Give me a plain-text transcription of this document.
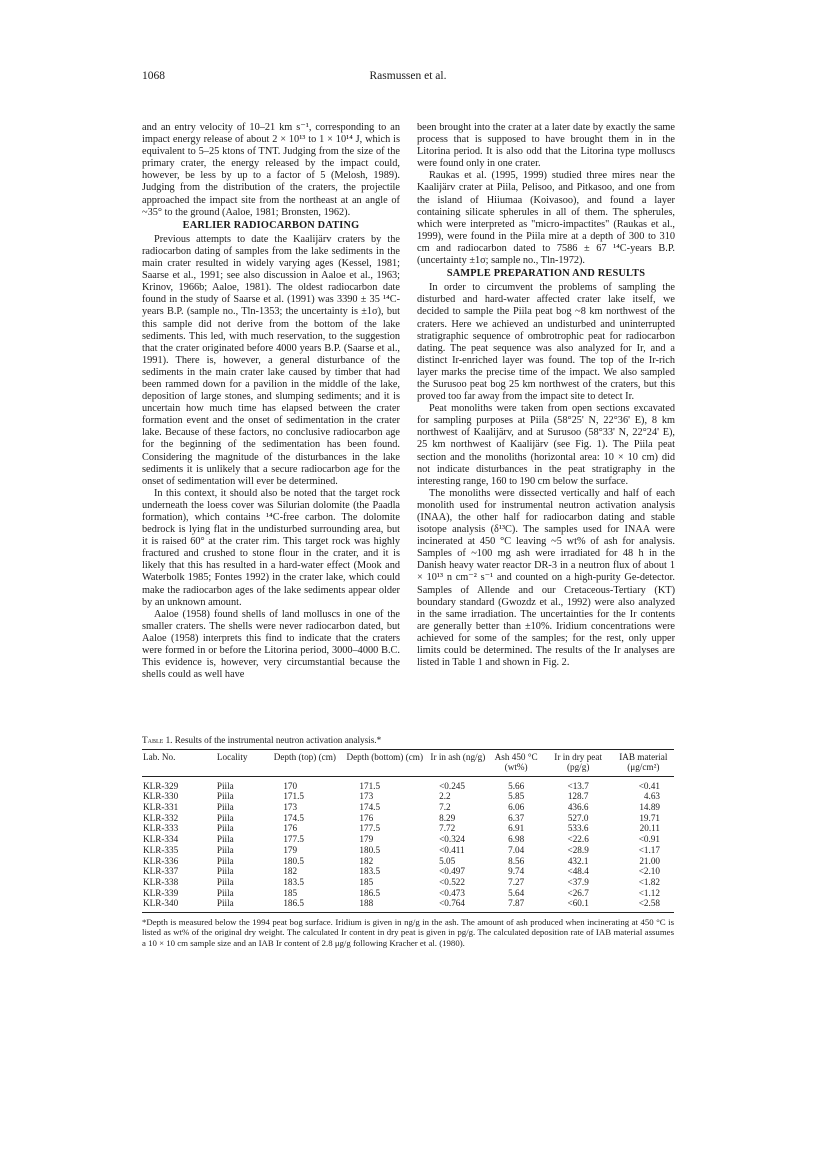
1068	Rasmussen et al.

and an entry velocity of 10–21 km s⁻¹, corresponding to an impact energy release of about 2 × 10¹³ to 1 × 10¹⁴ J, which is equivalent to 5–25 ktons of TNT. Judging from the size of the primary crater, the energy released by the impact could, however, be less by up to a factor of 5 (Melosh, 1989). Judging from the distribution of the craters, the projectile approached the impact site from the northeast at an angle of ~35° to the ground (Aaloe, 1981; Bronsten, 1962).

EARLIER RADIOCARBON DATING

Previous attempts to date the Kaalijärv craters by the radiocarbon dating of samples from the lake sediments in the main crater resulted in widely varying ages (Kessel, 1981; Saarse et al., 1991; see also discussion in Aaloe et al., 1963; Krinov, 1966b; Aaloe, 1981). The oldest radiocarbon date found in the study of Saarse et al. (1991) was 3390 ± 35 ¹⁴C-years B.P. (sample no., Tln-1353; the uncertainty is ±1σ), but this sample did not derive from the bottom of the lake sediments. This led, with much reservation, to the suggestion that the crater originated before 4000 years B.P. (Saarse et al., 1991). There is, however, a general disturbance of the sediments in the main crater lake caused by timber that had been rammed down for a pavilion in the middle of the lake, deposition of large stones, and slumping sediments; and it is uncertain how much time has elapsed between the crater formation event and the onset of sedimentation in the crater lake. Because of these factors, no conclusive radiocarbon age for the beginning of the sedimentation has been found. Considering the magnitude of the disturbances in the lake sediments it is unlikely that a secure radiocarbon age for the onset of sedimentation will ever be determined.

In this context, it should also be noted that the target rock underneath the loess cover was Silurian dolomite (the Paadla formation), which contains ¹⁴C-free carbon. The dolomite bedrock is lying flat in the undisturbed surrounding area, but it is raised 60° at the crater rim. This target rock was highly fractured and crushed to stone flour in the crater, and it is likely that this has resulted in a hard-water effect (Mook and Waterbolk 1985; Fontes 1992) in the crater lake, which could make the radiocarbon ages of the lake sediments appear older by an unknown amount.

Aaloe (1958) found shells of land molluscs in one of the smaller craters. The shells were never radiocarbon dated, but Aaloe (1958) interprets this find to indicate that the craters were formed in or before the Litorina period, 3000–4000 B.C. This evidence is, however, very circumstantial because the shells could as well have

been brought into the crater at a later date by exactly the same process that is supposed to have brought them in in the Litorina period. It is also odd that the Litorina type molluscs were found only in one crater.

Raukas et al. (1995, 1999) studied three mires near the Kaalijärv crater at Piila, Pelisoo, and Pitkasoo, and one from the island of Hiiumaa (Koivasoo), and found a layer containing silicate spherules in all of them. The spherules, which were interpreted as "micro-impactites" (Raukas et al., 1999), were found in the Piila mire at a depth of 300 to 310 cm and radiocarbon dated to 7586 ± 67 ¹⁴C-years B.P. (uncertainty ±1σ; sample no., Tln-1972).

SAMPLE PREPARATION AND RESULTS

In order to circumvent the problems of sampling the disturbed and hard-water affected crater lake itself, we decided to sample the Piila peat bog ~8 km northwest of the craters. Here we achieved an undisturbed and uninterrupted stratigraphic sequence of ombrotrophic peat for radiocarbon dating. The peat sequence was also analyzed for Ir, and a distinct Ir-enriched layer was found. The top of the Ir-rich layer marks the precise time of the impact. We also sampled the Surusoo peat bog 25 km northwest of the craters, but this proved too far away from the impact site to detect Ir.

Peat monoliths were taken from open sections excavated for sampling purposes at Piila (58°25' N, 22°36' E), 8 km northwest of Kaalijärv, and at Surusoo (58°33' N, 22°24' E), 25 km northwest of Kaalijärv (see Fig. 1). The Piila peat section and the monoliths (horizontal area: 10 × 10 cm) did not indicate disturbances in the peat stratigraphy in the interesting range, 160 to 190 cm below the surface.

The monoliths were dissected vertically and half of each monolith used for instrumental neutron activation analysis (INAA), the other half for radiocarbon dating and stable isotope analysis (δ¹³C). The samples used for INAA were incinerated at 450 °C leaving ~5 wt% of ash for analysis. Samples of ~100 mg ash were irradiated for 48 h in the Danish heavy water reactor DR-3 in a neutron flux of about 1 × 10¹³ n cm⁻² s⁻¹ and counted on a high-purity Ge-detector. Samples of Allende and our Cretaceous-Tertiary (KT) boundary standard (Gwozdz et al., 1992) were also analyzed in the same irradiation. The uncertainties for the Ir contents are generally better than ±10%. Iridium concentrations were achieved for some of the samples; for the rest, only upper limits could be determined. The results of the Ir analyses are listed in Table 1 and shown in Fig. 2.

Table 1. Results of the instrumental neutron activation analysis.*
Lab. No.	Locality	Depth (top) (cm)	Depth (bottom) (cm)	Ir in ash (ng/g)	Ash 450 °C (wt%)	Ir in dry peat (pg/g)	IAB material (μg/cm²)
KLR-329	Piila	170	171.5	<0.245	5.66	<13.7	<0.41
KLR-330	Piila	171.5	173	2.2	5.85	128.7	4.63
KLR-331	Piila	173	174.5	7.2	6.06	436.6	14.89
KLR-332	Piila	174.5	176	8.29	6.37	527.0	19.71
KLR-333	Piila	176	177.5	7.72	6.91	533.6	20.11
KLR-334	Piila	177.5	179	<0.324	6.98	<22.6	<0.91
KLR-335	Piila	179	180.5	<0.411	7.04	<28.9	<1.17
KLR-336	Piila	180.5	182	5.05	8.56	432.1	21.00
KLR-337	Piila	182	183.5	<0.497	9.74	<48.4	<2.10
KLR-338	Piila	183.5	185	<0.522	7.27	<37.9	<1.82
KLR-339	Piila	185	186.5	<0.473	5.64	<26.7	<1.12
KLR-340	Piila	186.5	188	<0.764	7.87	<60.1	<2.58
*Depth is measured below the 1994 peat bog surface. Iridium is given in ng/g in the ash. The amount of ash produced when incinerating at 450 °C is listed as wt% of the original dry weight. The calculated Ir content in dry peat is given in pg/g. The calculated deposition rate of IAB material assumes a 10 × 10 cm sample size and an IAB Ir content of 2.8 μg/g following Kracher et al. (1980).
